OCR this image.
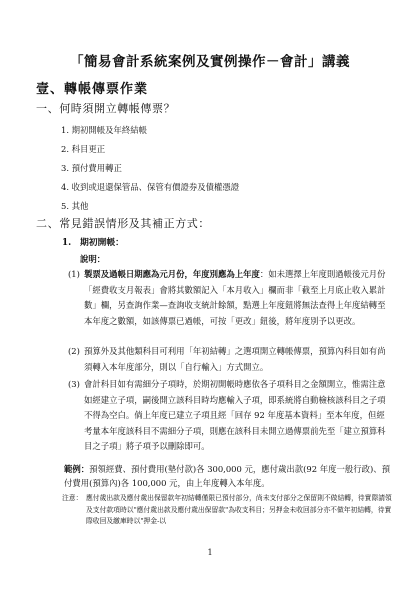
「簡易會計系統案例及實例操作－會計」講義
壹、轉帳傳票作業
一、何時須開立轉帳傳票？
1. 期初開帳及年終結帳
2. 科目更正
3. 預付費用轉正
4. 收到或退還保管品、保管有價證券及債權憑證
5. 其他
二、常見錯誤情形及其補正方式：
1.　期初開帳：
說明：
(1) 製票及過帳日期應為元月份，年度別應為上年度：如未選擇上年度則過帳後元月份「經費收支月報表」會將其數額記入「本月收入」欄而非「截至上月底止收入累計數」欄，另查詢作業—查詢收支統計餘額，點選上年度鈕將無法查得上年度結轉至本年度之數額，如該傳票已過帳，可按「更改」鈕後，將年度別予以更改。
(2) 預算外及其他類科目可利用「年初結轉」之選項開立轉帳傳票，預算內科目如有尚須轉入本年度部分，則以「自行輸入」方式開立。
(3) 會計科目如有需細分子項時，於期初開帳時應依各子項科目之金額開立，惟需注意如經建立子項，嗣後開立該科目時均應輸入子項，即系統將自動檢核該科目之子項不得為空白。倘上年度已建立子項且經「回存 92 年度基本資料」至本年度，但經考量本年度該科目不需細分子項，則應在該科目未開立過傳票前先至「建立預算科目之子項」將子項予以刪除即可。
範例：預領經費、預付費用(墊付款)各 300,000 元，應付歲出款(92 年度一般行政)、預付費用(預算內)各 100,000 元，由上年度轉入本年度。
注意： 應付歲出款及應付歲出保留款年初結轉僅限已預付部分，尚未支付部分之保留則不做結轉，待實際請領及支付款項時以"應付歲出款及應付歲出保留款"為收支科目；另押金未收回部分亦不做年初結轉，待實際收回及繳庫時以"押金-以
1
